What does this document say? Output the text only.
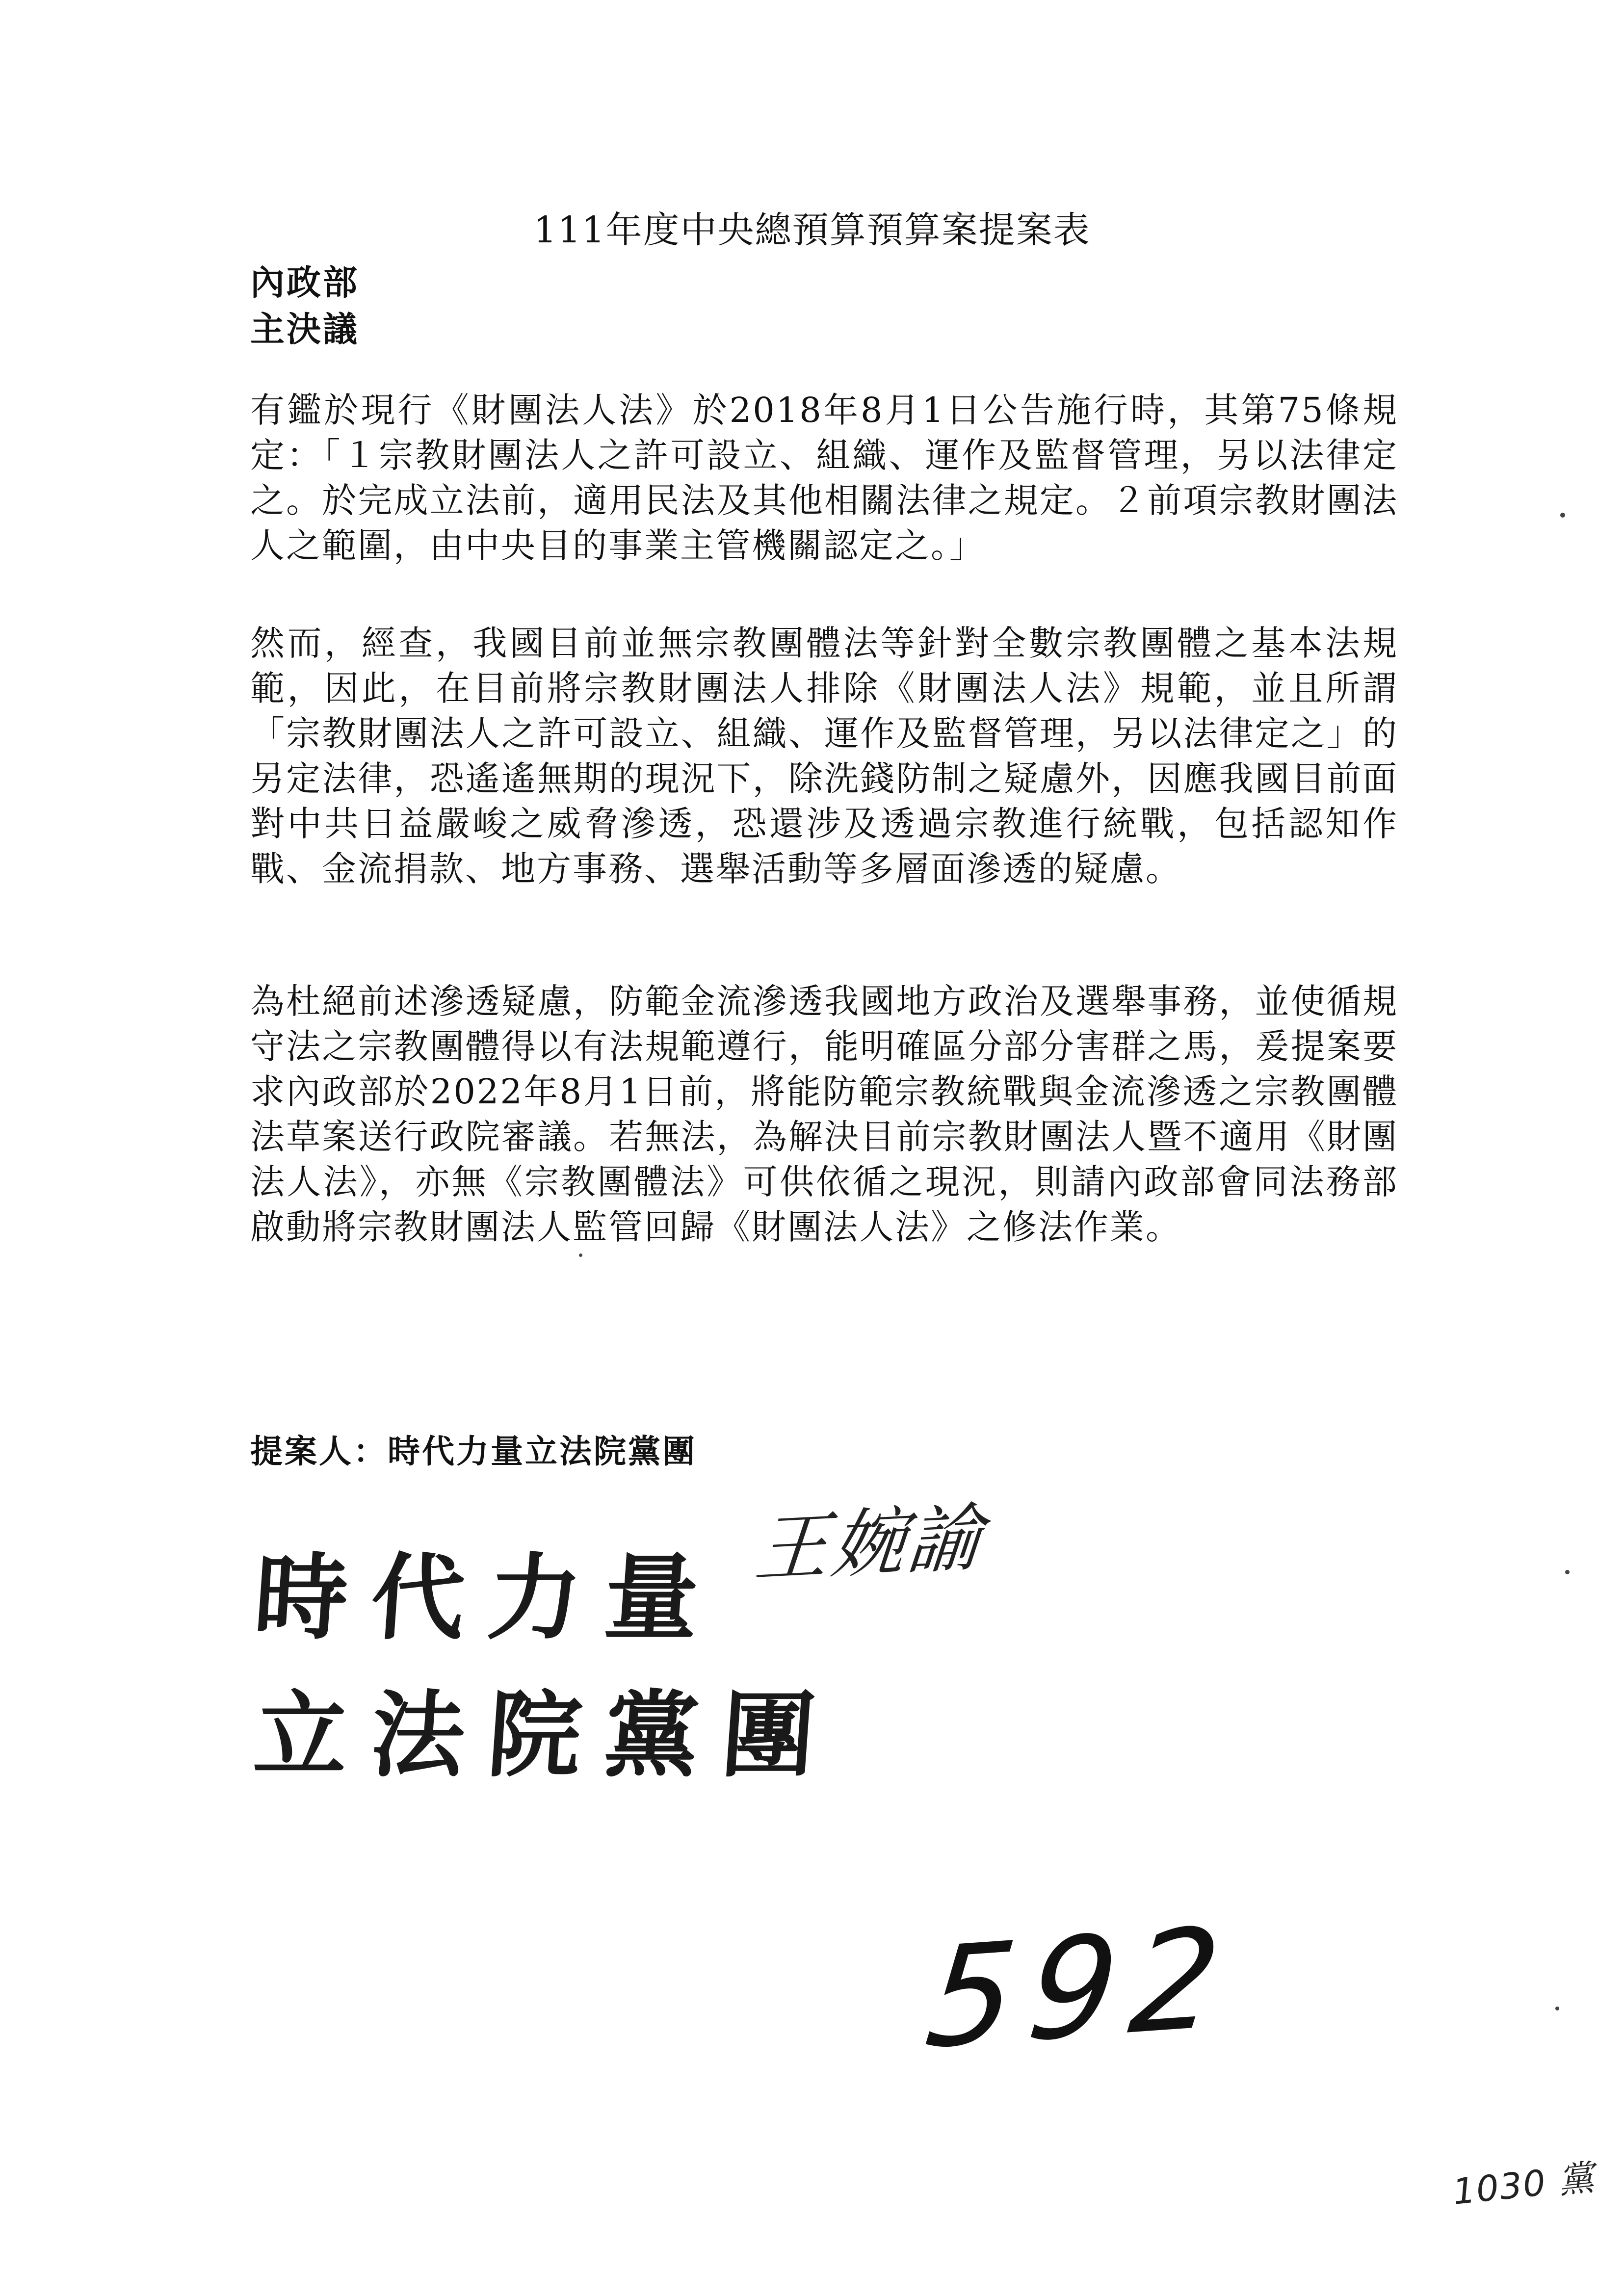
111年度中央總預算預算案提案表
內政部
主決議

有鑑於現行《財團法人法》於2018年8月1日公告施行時，其第75條規定：「１宗教財團法人之許可設立、組織、運作及監督管理，另以法律定之。於完成立法前，適用民法及其他相關法律之規定。２前項宗教財團法人之範圍，由中央目的事業主管機關認定之。」

然而，經查，我國目前並無宗教團體法等針對全數宗教團體之基本法規範，因此，在目前將宗教財團法人排除《財團法人法》規範，並且所謂「宗教財團法人之許可設立、組織、運作及監督管理，另以法律定之」的另定法律，恐遙遙無期的現況下，除洗錢防制之疑慮外，因應我國目前面對中共日益嚴峻之威脅滲透，恐還涉及透過宗教進行統戰，包括認知作戰、金流捐款、地方事務、選舉活動等多層面滲透的疑慮。

為杜絕前述滲透疑慮，防範金流滲透我國地方政治及選舉事務，並使循規守法之宗教團體得以有法規範遵行，能明確區分部分害群之馬，爰提案要求內政部於2022年8月1日前，將能防範宗教統戰與金流滲透之宗教團體法草案送行政院審議。若無法，為解決目前宗教財團法人暨不適用《財團法人法》，亦無《宗教團體法》可供依循之現況，則請內政部會同法務部啟動將宗教財團法人監管回歸《財團法人法》之修法作業。

提案人：時代力量立法院黨團
時代力量
立法院黨團
王婉諭
592
1030 黨
